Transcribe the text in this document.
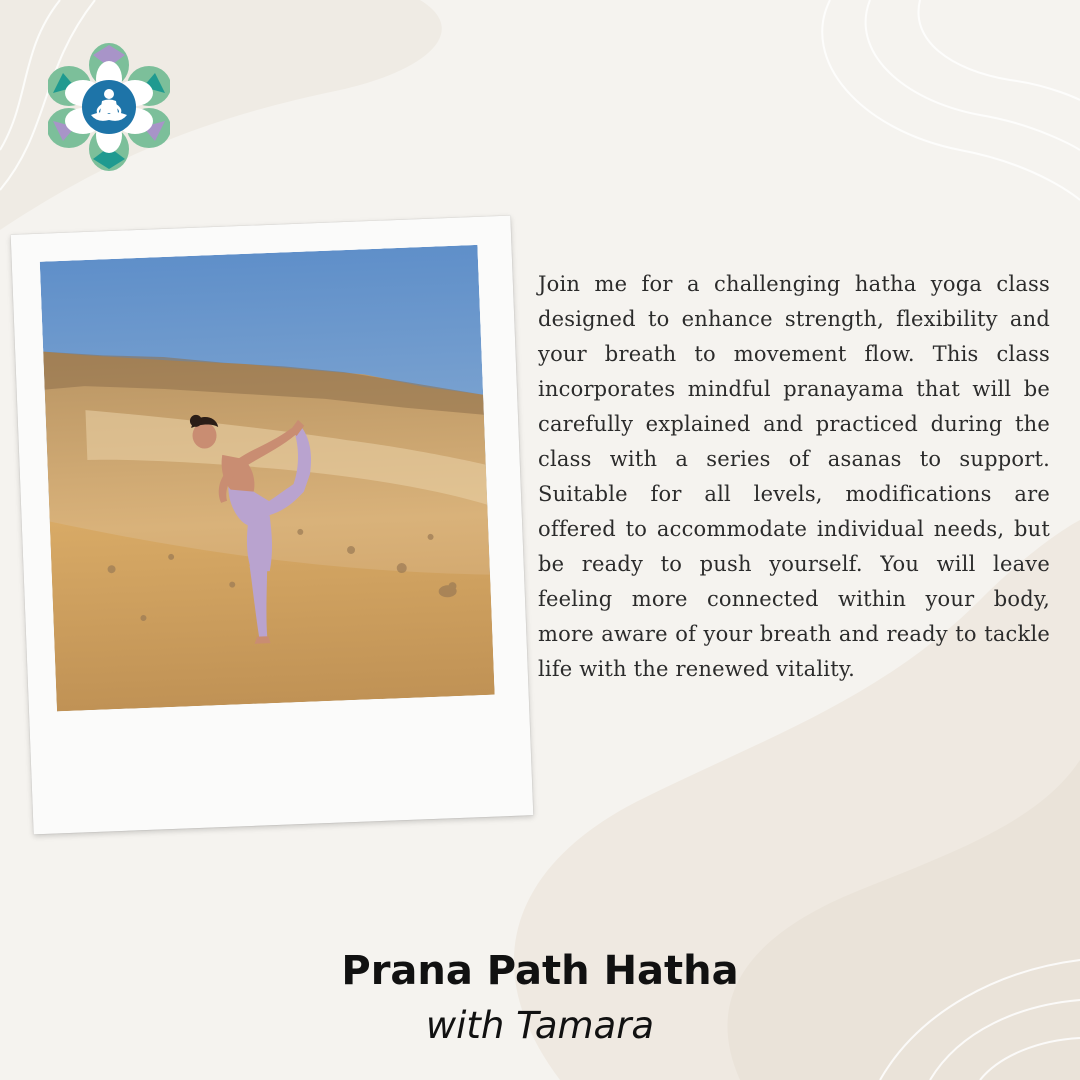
Join me for a challenging hatha yoga class designed to enhance strength, flexibility and your breath to movement flow. This class incorporates mindful pranayama that will be carefully explained and practiced during the class with a series of asanas to support. Suitable for all levels, modifications are offered to accommodate individual needs, but be ready to push yourself. You will leave feeling more connected within your body, more aware of your breath and ready to tackle life with the renewed vitality.

Prana Path Hatha

with Tamara
